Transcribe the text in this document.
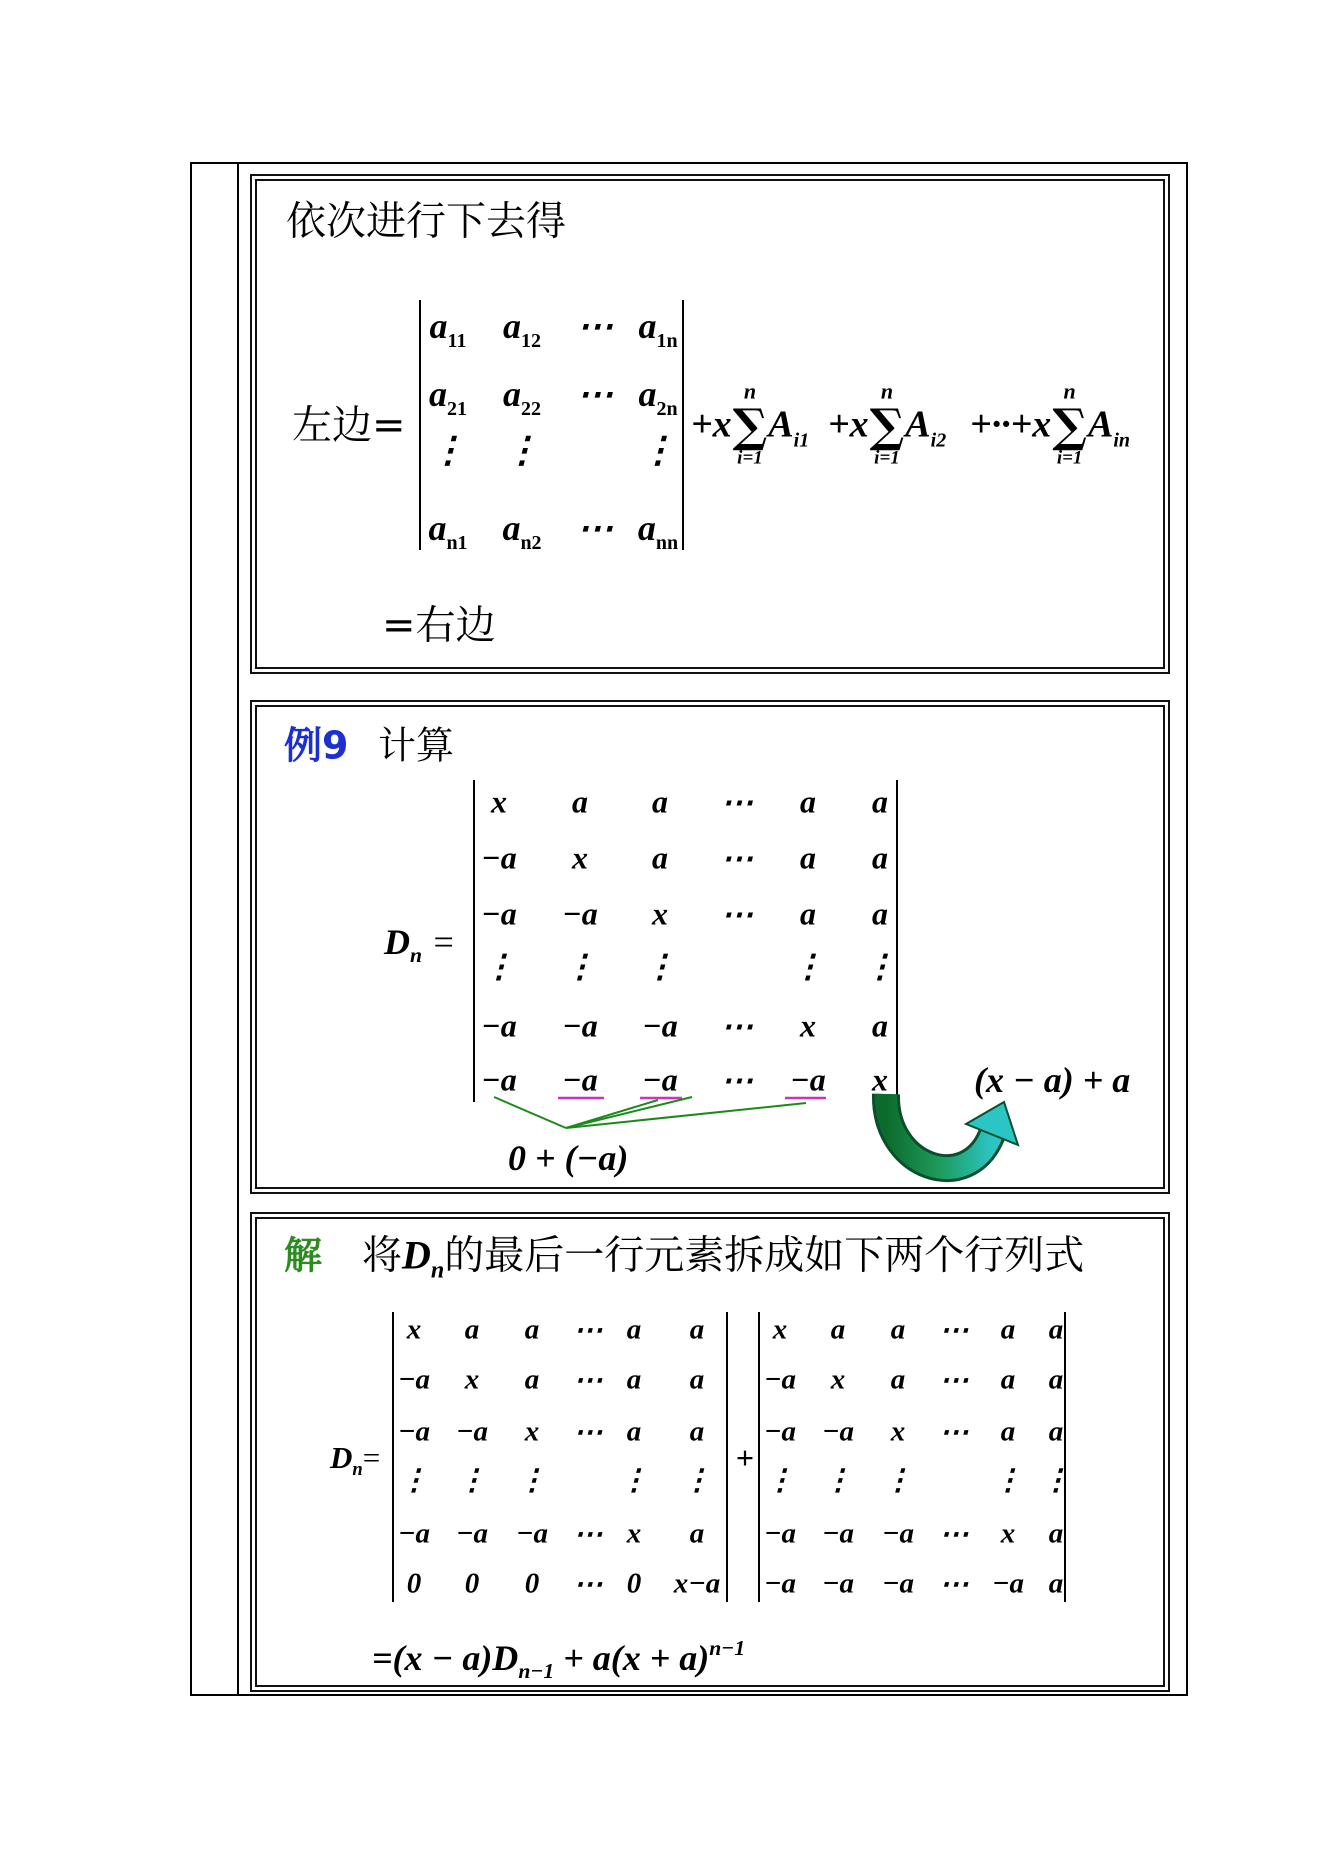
依次进行下去得
左边=
$a_{11}$ $a_{12}$ ⋯ $a_{1n}$
$a_{21}$ $a_{22}$ ⋯ $a_{2n}$
⋮ ⋮	⋮
$a_{n1}$ $a_{n2}$ ⋯ $a_{nn}$
+x
n
∑
i=1
$A_{i1} +x$
n
∑
i=1
$A_{i2} +\cdot\cdot+x$
n
∑
i=1
$A_{in}$
=右边
例9 计算
$D_n$ =
x a a ⋯ a a
−a x a ⋯ a a
−a −a x ⋯ a a
⋮ ⋮ ⋮	⋮ ⋮
−a −a −a ⋯ x a
−a −a −a ⋯ −a x
0 + (−a)
(x − a) + a
解 将$D_n$的最后一行元素拆成如下两个行列式
$D_n=$
x a a ⋯ a a
−a x a ⋯ a a
−a −a x ⋯ a a
⋮ ⋮ ⋮	⋮ ⋮
−a −a −a ⋯ x a
0 0 0 ⋯ 0 x−a
+
x a a ⋯ a a
−a x a ⋯ a a
−a −a x ⋯ a a
⋮ ⋮ ⋮	⋮ ⋮
−a −a −a ⋯ x a
−a −a −a ⋯ −a a
$=(x - a)D_{n-1} + a(x + a)^{n-1}$
